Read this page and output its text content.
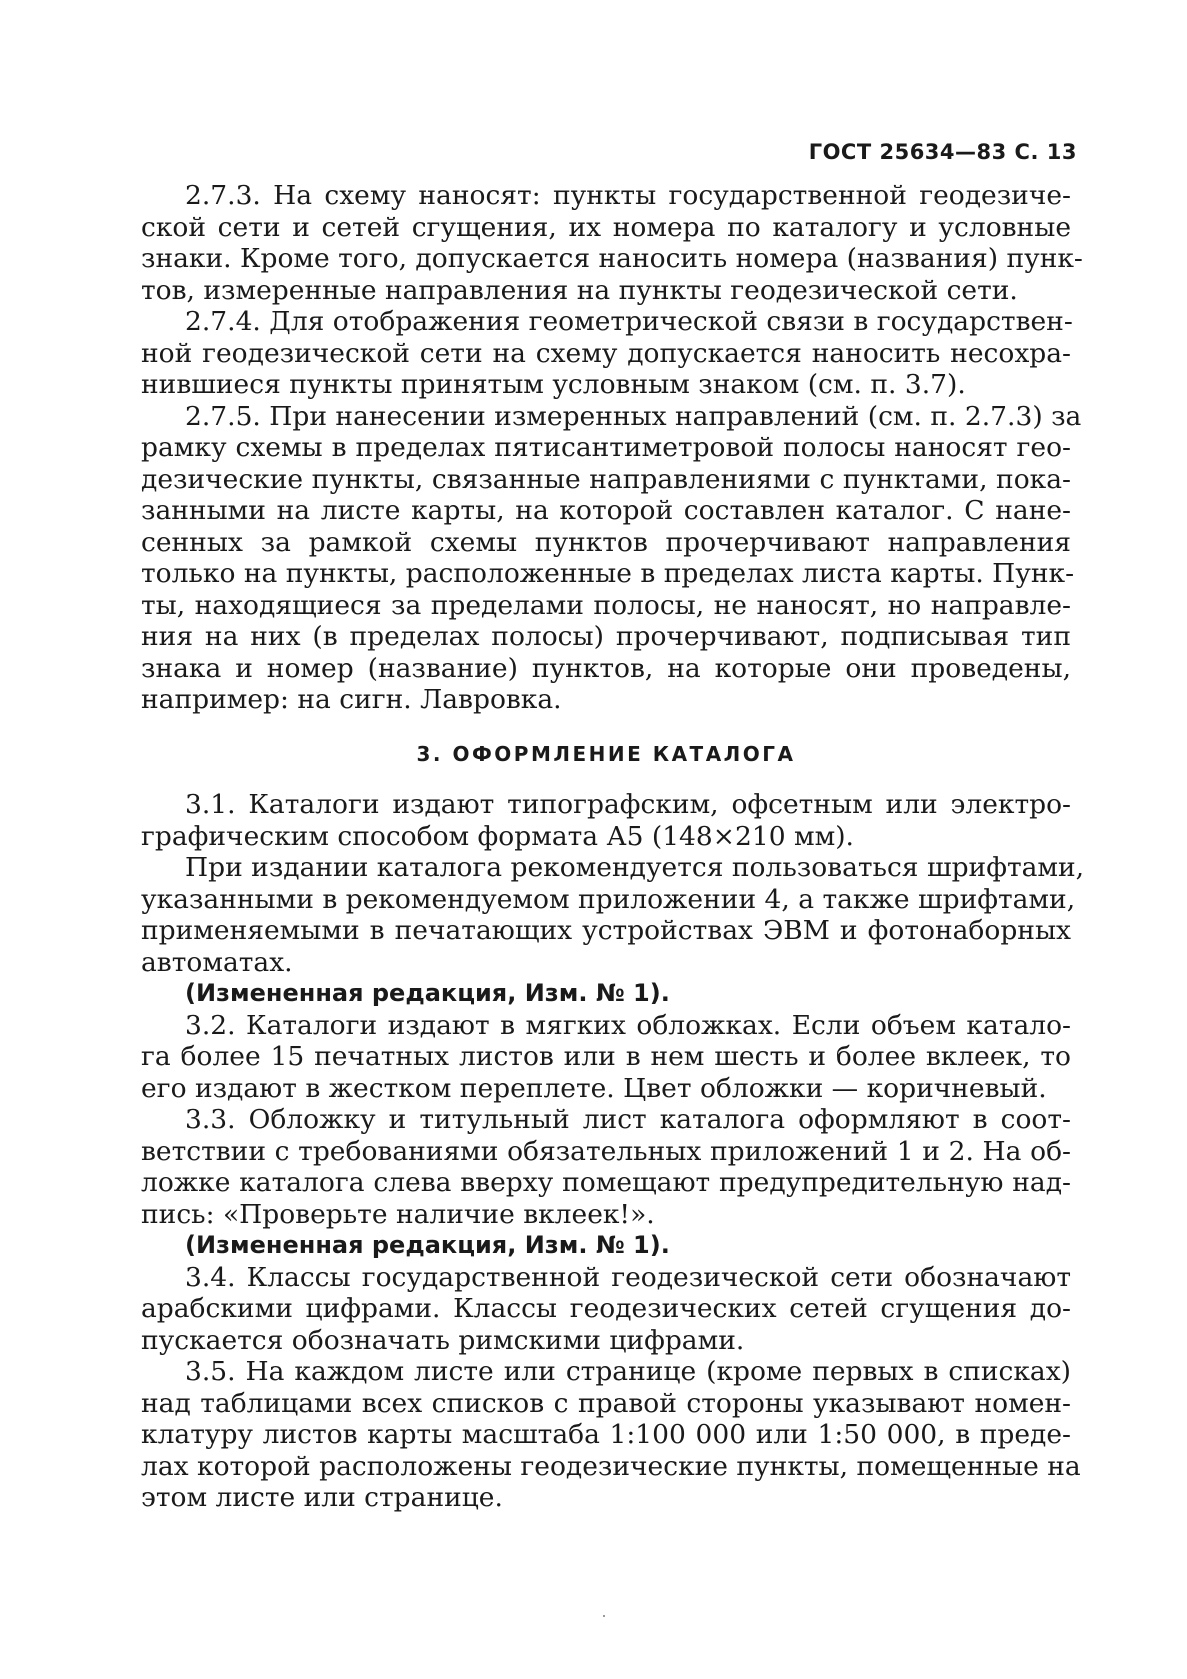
ГОСТ 25634—83 С. 13
2.7.3. На схему наносят: пункты государственной геодезиче-
ской сети и сетей сгущения, их номера по каталогу и условные
знаки. Кроме того, допускается наносить номера (названия) пунк-
тов, измеренные направления на пункты геодезической сети.
2.7.4. Для отображения геометрической связи в государствен-
ной геодезической сети на схему допускается наносить несохра-
нившиеся пункты принятым условным знаком (см. п. 3.7).
2.7.5. При нанесении измеренных направлений (см. п. 2.7.3) за
рамку схемы в пределах пятисантиметровой полосы наносят гео-
дезические пункты, связанные направлениями с пунктами, пока-
занными на листе карты, на которой составлен каталог. С нане-
сенных за рамкой схемы пунктов прочерчивают направления
только на пункты, расположенные в пределах листа карты. Пунк-
ты, находящиеся за пределами полосы, не наносят, но направле-
ния на них (в пределах полосы) прочерчивают, подписывая тип
знака и номер (название) пунктов, на которые они проведены,
например: на сигн. Лавровка.
3. ОФОРМЛЕНИЕ КАТАЛОГА
3.1. Каталоги издают типографским, офсетным или электро-
графическим способом формата А5 (148×210 мм).
При издании каталога рекомендуется пользоваться шрифтами,
указанными в рекомендуемом приложении 4, а также шрифтами,
применяемыми в печатающих устройствах ЭВМ и фотонаборных
автоматах.
(Измененная редакция, Изм. № 1).
3.2. Каталоги издают в мягких обложках. Если объем катало-
га более 15 печатных листов или в нем шесть и более вклеек, то
его издают в жестком переплете. Цвет обложки — коричневый.
3.3. Обложку и титульный лист каталога оформляют в соот-
ветствии с требованиями обязательных приложений 1 и 2. На об-
ложке каталога слева вверху помещают предупредительную над-
пись: «Проверьте наличие вклеек!».
(Измененная редакция, Изм. № 1).
3.4. Классы государственной геодезической сети обозначают
арабскими цифрами. Классы геодезических сетей сгущения до-
пускается обозначать римскими цифрами.
3.5. На каждом листе или странице (кроме первых в списках)
над таблицами всех списков с правой стороны указывают номен-
клатуру листов карты масштаба 1:100 000 или 1:50 000, в преде-
лах которой расположены геодезические пункты, помещенные на
этом листе или странице.
